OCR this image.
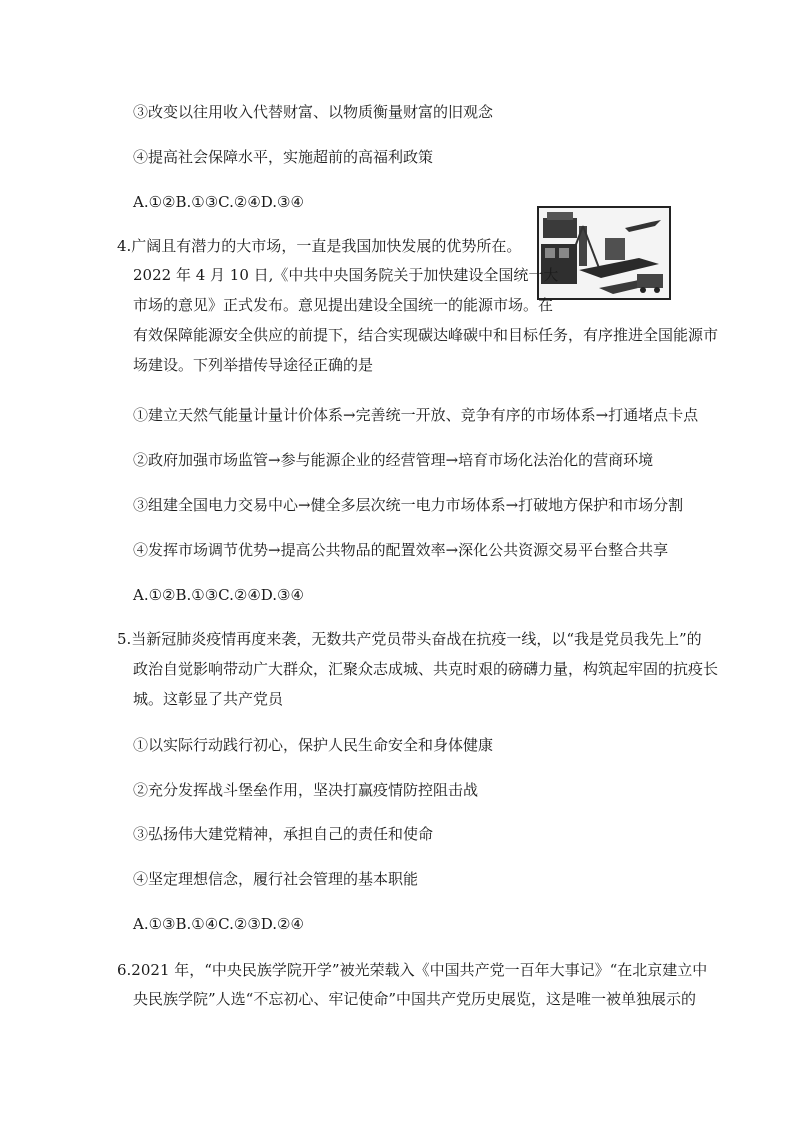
③改变以往用收入代替财富、以物质衡量财富的旧观念
④提高社会保障水平，实施超前的高福利政策
A.①②B.①③C.②④D.③④
4.广阔且有潜力的大市场，一直是我国加快发展的优势所在。
2022 年 4 月 10 日,《中共中央国务院关于加快建设全国统一大
市场的意见》正式发布。意见提出建设全国统一的能源市场。在
有效保障能源安全供应的前提下，结合实现碳达峰碳中和目标任务，有序推进全国能源市
场建设。下列举措传导途径正确的是
①建立天然气能量计量计价体系→完善统一开放、竞争有序的市场体系→打通堵点卡点
②政府加强市场监管→参与能源企业的经营管理→培育市场化法治化的营商环境
③组建全国电力交易中心→健全多层次统一电力市场体系→打破地方保护和市场分割
④发挥市场调节优势→提高公共物品的配置效率→深化公共资源交易平台整合共享
A.①②B.①③C.②④D.③④
5.当新冠肺炎疫情再度来袭，无数共产党员带头奋战在抗疫一线，以“我是党员我先上”的
政治自觉影响带动广大群众，汇聚众志成城、共克时艰的磅礴力量，构筑起牢固的抗疫长
城。这彰显了共产党员
①以实际行动践行初心，保护人民生命安全和身体健康
②充分发挥战斗堡垒作用，坚决打赢疫情防控阻击战
③弘扬伟大建党精神，承担自己的责任和使命
④坚定理想信念，履行社会管理的基本职能
A.①③B.①④C.②③D.②④
6.2021 年，“中央民族学院开学”被光荣载入《中国共产党一百年大事记》“在北京建立中
央民族学院”人选“不忘初心、牢记使命”中国共产党历史展览，这是唯一被单独展示的
